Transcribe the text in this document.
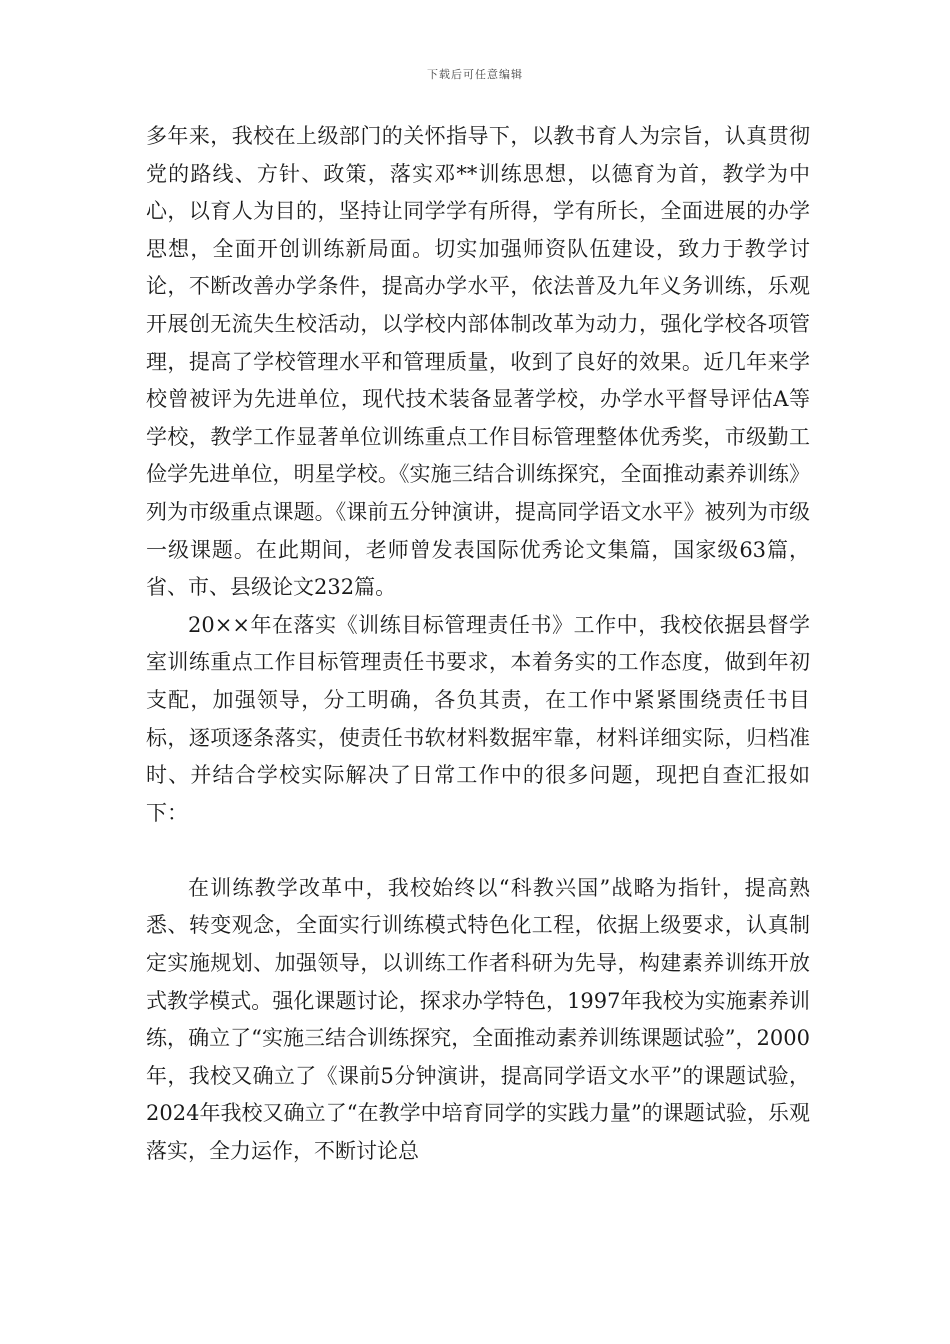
下载后可任意编辑

多年来，我校在上级部门的关怀指导下，以教书育人为宗旨，认真贯彻党的路线、方针、政策，落实邓**训练思想，以德育为首，教学为中心，以育人为目的，坚持让同学学有所得，学有所长，全面进展的办学思想，全面开创训练新局面。切实加强师资队伍建设，致力于教学讨论，不断改善办学条件，提高办学水平，依法普及九年义务训练，乐观开展创无流失生校活动，以学校内部体制改革为动力，强化学校各项管理，提高了学校管理水平和管理质量，收到了良好的效果。近几年来学校曾被评为先进单位，现代技术装备显著学校，办学水平督导评估A等学校，教学工作显著单位训练重点工作目标管理整体优秀奖，市级勤工俭学先进单位，明星学校。《实施三结合训练探究，全面推动素养训练》列为市级重点课题。《课前五分钟演讲，提高同学语文水平》被列为市级一级课题。在此期间，老师曾发表国际优秀论文集篇，国家级63篇，省、市、县级论文232篇。

20××年在落实《训练目标管理责任书》工作中，我校依据县督学室训练重点工作目标管理责任书要求，本着务实的工作态度，做到年初支配，加强领导，分工明确，各负其责，在工作中紧紧围绕责任书目标，逐项逐条落实，使责任书软材料数据牢靠，材料详细实际，归档准时、并结合学校实际解决了日常工作中的很多问题，现把自查汇报如下：

在训练教学改革中，我校始终以“科教兴国”战略为指针，提高熟悉、转变观念，全面实行训练模式特色化工程，依据上级要求，认真制定实施规划、加强领导，以训练工作者科研为先导，构建素养训练开放式教学模式。强化课题讨论，探求办学特色，1997年我校为实施素养训练，确立了“实施三结合训练探究，全面推动素养训练课题试验”，2000年，我校又确立了《课前5分钟演讲，提高同学语文水平”的课题试验，2024年我校又确立了“在教学中培育同学的实践力量”的课题试验，乐观落实，全力运作，不断讨论总
